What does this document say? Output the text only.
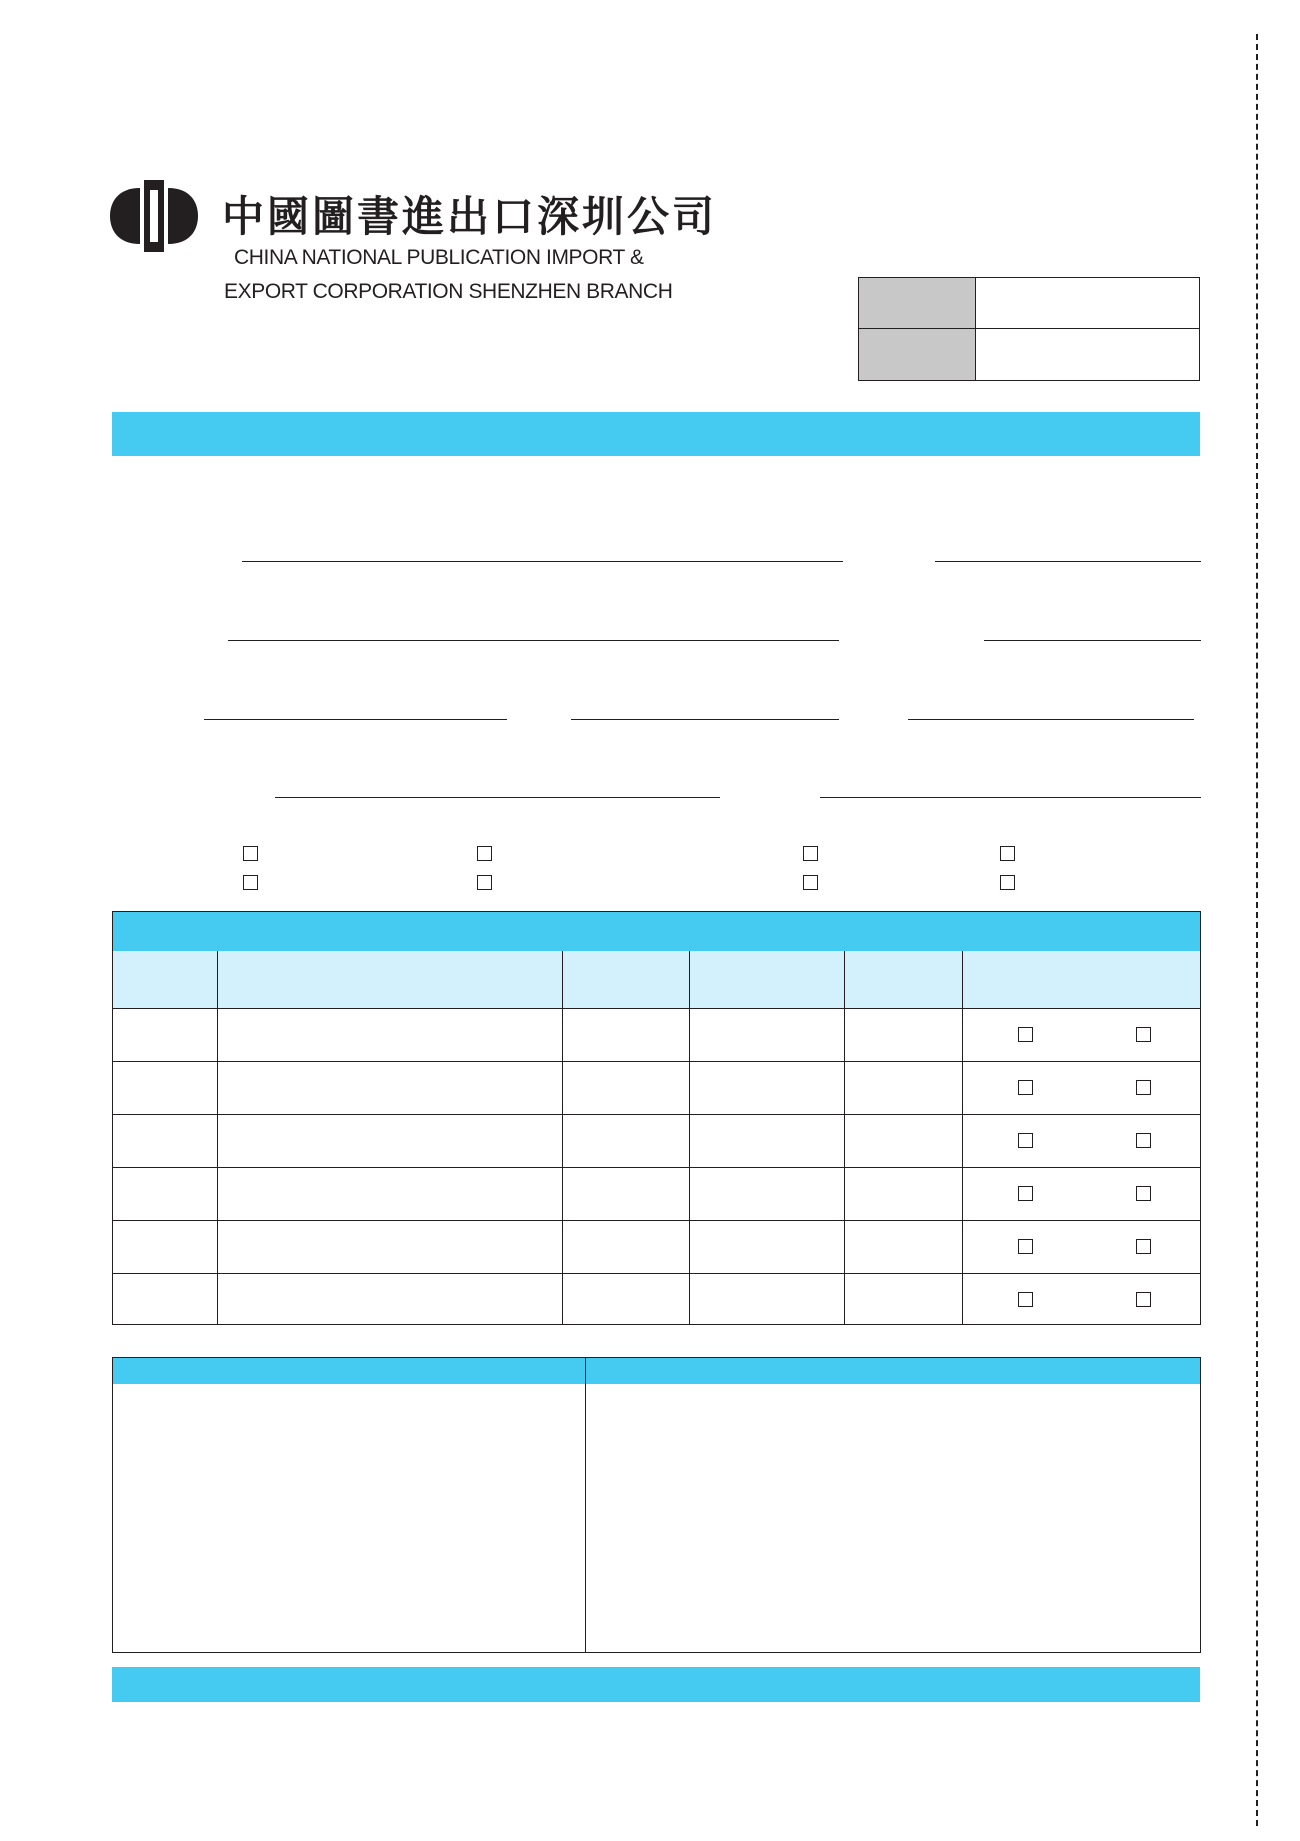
中國圖書進出口深圳公司
CHINA NATIONAL PUBLICATION IMPORT &
EXPORT CORPORATION SHENZHEN BRANCH
